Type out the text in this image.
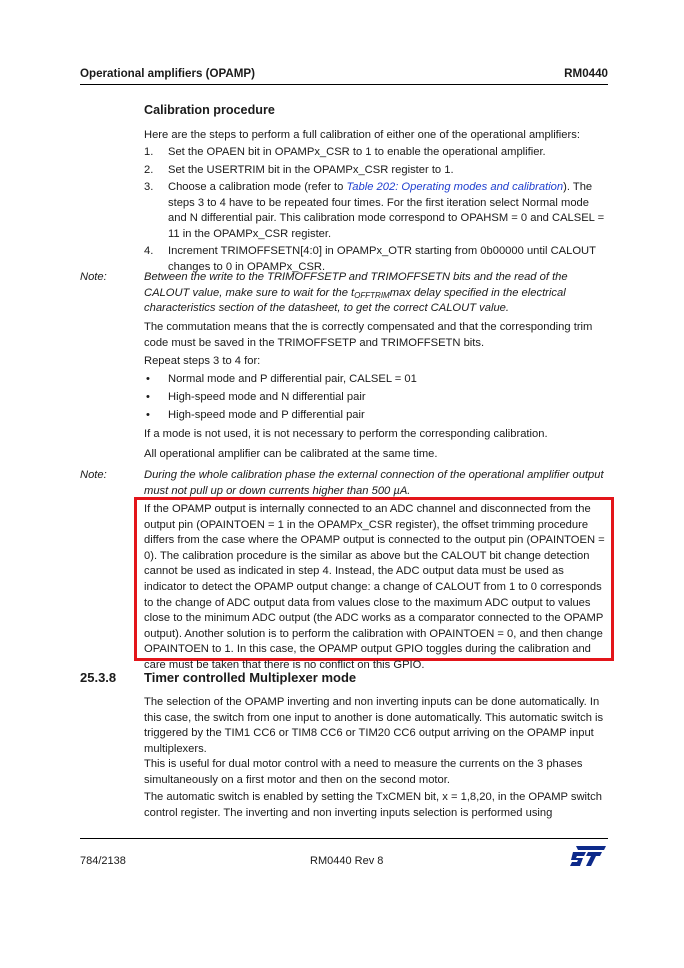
Operational amplifiers (OPAMP)	RM0440
Calibration procedure
Here are the steps to perform a full calibration of either one of the operational amplifiers:
1. Set the OPAEN bit in OPAMPx_CSR to 1 to enable the operational amplifier.
2. Set the USERTRIM bit in the OPAMPx_CSR register to 1.
3. Choose a calibration mode (refer to Table 202: Operating modes and calibration). The steps 3 to 4 have to be repeated four times. For the first iteration select Normal mode and N differential pair. This calibration mode correspond to OPAHSM = 0 and CALSEL = 11 in the OPAMPx_CSR register.
4. Increment TRIMOFFSETN[4:0] in OPAMPx_OTR starting from 0b00000 until CALOUT changes to 0 in OPAMPx_CSR.
Note:	Between the write to the TRIMOFFSETP and TRIMOFFSETN bits and the read of the CALOUT value, make sure to wait for the $t_{OFFTRIM}\max$ delay specified in the electrical characteristics section of the datasheet, to get the correct CALOUT value.
The commutation means that the is correctly compensated and that the corresponding trim code must be saved in the TRIMOFFSETP and TRIMOFFSETN bits.
Repeat steps 3 to 4 for:
• Normal mode and P differential pair, CALSEL = 01
• High-speed mode and N differential pair
• High-speed mode and P differential pair
If a mode is not used, it is not necessary to perform the corresponding calibration.
All operational amplifier can be calibrated at the same time.
Note:	During the whole calibration phase the external connection of the operational amplifier output must not pull up or down currents higher than 500 µA.
If the OPAMP output is internally connected to an ADC channel and disconnected from the output pin (OPAINTOEN = 1 in the OPAMPx_CSR register), the offset trimming procedure differs from the case where the OPAMP output is connected to the output pin (OPAINTOEN = 0). The calibration procedure is the similar as above but the CALOUT bit change detection cannot be used as indicated in step 4. Instead, the ADC output data must be used as indicator to detect the OPAMP output change: a change of CALOUT from 1 to 0 corresponds to the change of ADC output data from values close to the maximum ADC output to values close to the minimum ADC output (the ADC works as a comparator connected to the OPAMP output). Another solution is to perform the calibration with OPAINTOEN = 0, and then change OPAINTOEN to 1. In this case, the OPAMP output GPIO toggles during the calibration and care must be taken that there is no conflict on this GPIO.
25.3.8 Timer controlled Multiplexer mode
The selection of the OPAMP inverting and non inverting inputs can be done automatically. In this case, the switch from one input to another is done automatically. This automatic switch is triggered by the TIM1 CC6 or TIM8 CC6 or TIM20 CC6 output arriving on the OPAMP input multiplexers.
This is useful for dual motor control with a need to measure the currents on the 3 phases simultaneously on a first motor and then on the second motor.
The automatic switch is enabled by setting the TxCMEN bit, x = 1,8,20, in the OPAMP switch control register. The inverting and non inverting inputs selection is performed using
784/2138	RM0440 Rev 8
